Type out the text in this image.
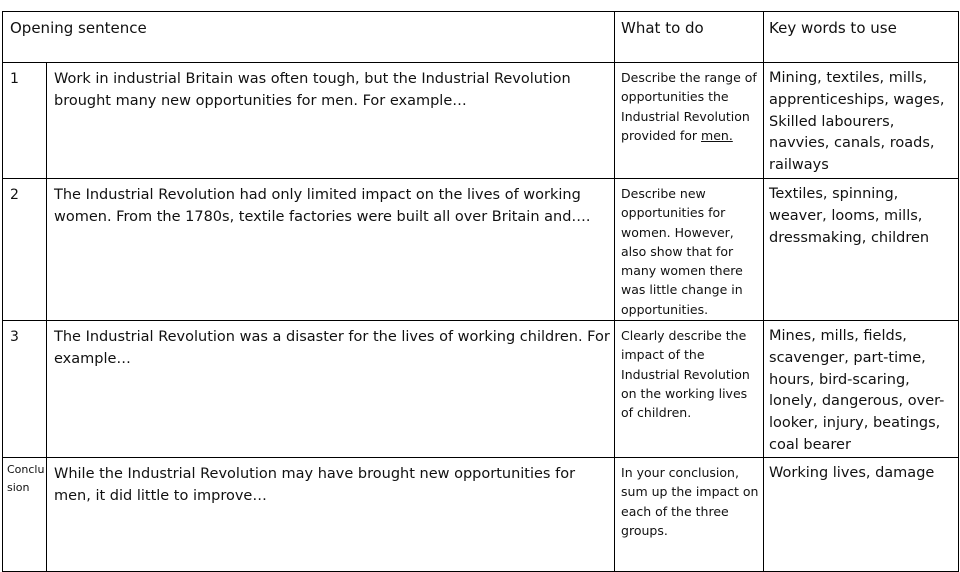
Opening sentence		What to do	Key words to use
1	Work in industrial Britain was often tough, but the Industrial Revolution brought many new opportunities for men. For example…	Describe the range of opportunities the Industrial Revolution provided for men.	Mining, textiles, mills, apprenticeships, wages, Skilled labourers, navvies, canals, roads, railways
2	The Industrial Revolution had only limited impact on the lives of working women. From the 1780s, textile factories were built all over Britain and….	Describe new opportunities for women. However, also show that for many women there was little change in opportunities.	Textiles, spinning, weaver, looms, mills, dressmaking, children
3	The Industrial Revolution was a disaster for the lives of working children. For example…	Clearly describe the impact of the Industrial Revolution on the working lives of children.	Mines, mills, fields, scavenger, part-time, hours, bird-scaring, lonely, dangerous, over-looker, injury, beatings, coal bearer
Conclusion	While the Industrial Revolution may have brought new opportunities for men, it did little to improve…	In your conclusion, sum up the impact on each of the three groups.	Working lives, damage
